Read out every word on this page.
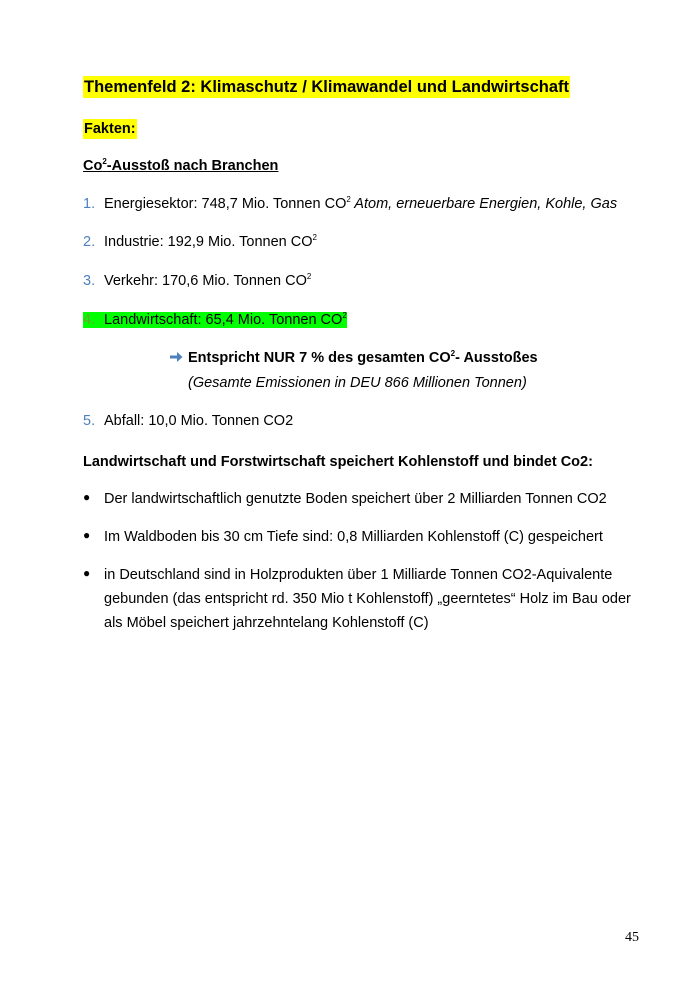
Themenfeld 2: Klimaschutz / Klimawandel und Landwirtschaft
Fakten:
Co$^2$-Ausstoß nach Branchen
1. Energiesektor: 748,7 Mio. Tonnen $CO^2$ Atom, erneuerbare Energien, Kohle, Gas
2. Industrie: 192,9 Mio. Tonnen $CO^2$
3. Verkehr: 170,6 Mio. Tonnen $CO^2$
4. Landwirtschaft: 65,4 Mio. Tonnen $CO^2$
Entspricht NUR 7 % des gesamten $CO^2-$ Ausstoßes
(Gesamte Emissionen in DEU 866 Millionen Tonnen)
5. Abfall: 10,0 Mio. Tonnen CO2
Landwirtschaft und Forstwirtschaft speichert Kohlenstoff und bindet Co2:
● Der landwirtschaftlich genutzte Boden speichert über 2 Milliarden Tonnen CO2
● Im Waldboden bis 30 cm Tiefe sind: 0,8 Milliarden Kohlenstoff (C) gespeichert
● in Deutschland sind in Holzprodukten über 1 Milliarde Tonnen CO2-Aquivalente gebunden (das entspricht rd. 350 Mio t Kohlenstoff) „geerntetes“ Holz im Bau oder als Möbel speichert jahrzehntelang Kohlenstoff (C)
45
